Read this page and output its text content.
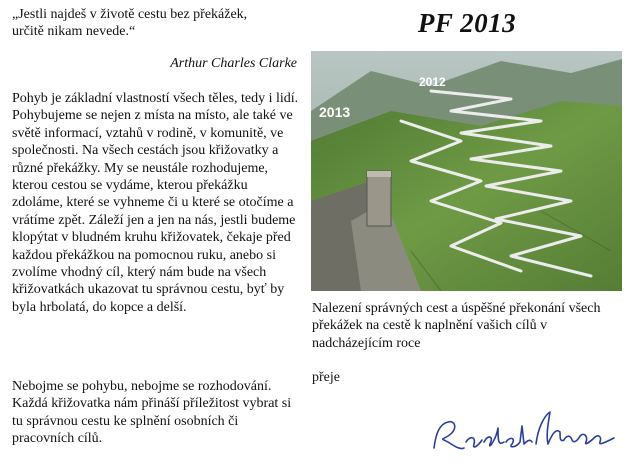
„Jestli najdeš v životě cestu bez překážek,
určitě nikam nevede.“
Arthur Charles Clarke

Pohyb je základní vlastností všech těles, tedy i lidí. Pohybujeme se nejen z místa na místo, ale také ve světě informací, vztahů v rodině, v komunitě, ve společnosti. Na všech cestách jsou křižovatky a různé překážky. My se neustále rozhodujeme, kterou cestou se vydáme, kterou překážku zdoláme, které se vyhneme či u které se otočíme a vrátíme zpět. Záleží jen a jen na nás, jestli budeme klopýtat v bludném kruhu křižovatek, čekaje před každou překážkou na pomocnou ruku, anebo si zvolíme vhodný cíl, který nám bude na všech křižovatkách ukazovat tu správnou cestu, byť by byla hrbolatá, do kopce a delší.

Nebojme se pohybu, nebojme se rozhodování. Každá křižovatka nám přináší příležitost vybrat si tu správnou cestu ke splnění osobních či pracovních cílů.

PF 2013
2012
2013
Nalezení správných cest a úspěšné překonání všech překážek na cestě k naplnění vašich cílů v nadcházejícím roce
přeje
Radek Mara
